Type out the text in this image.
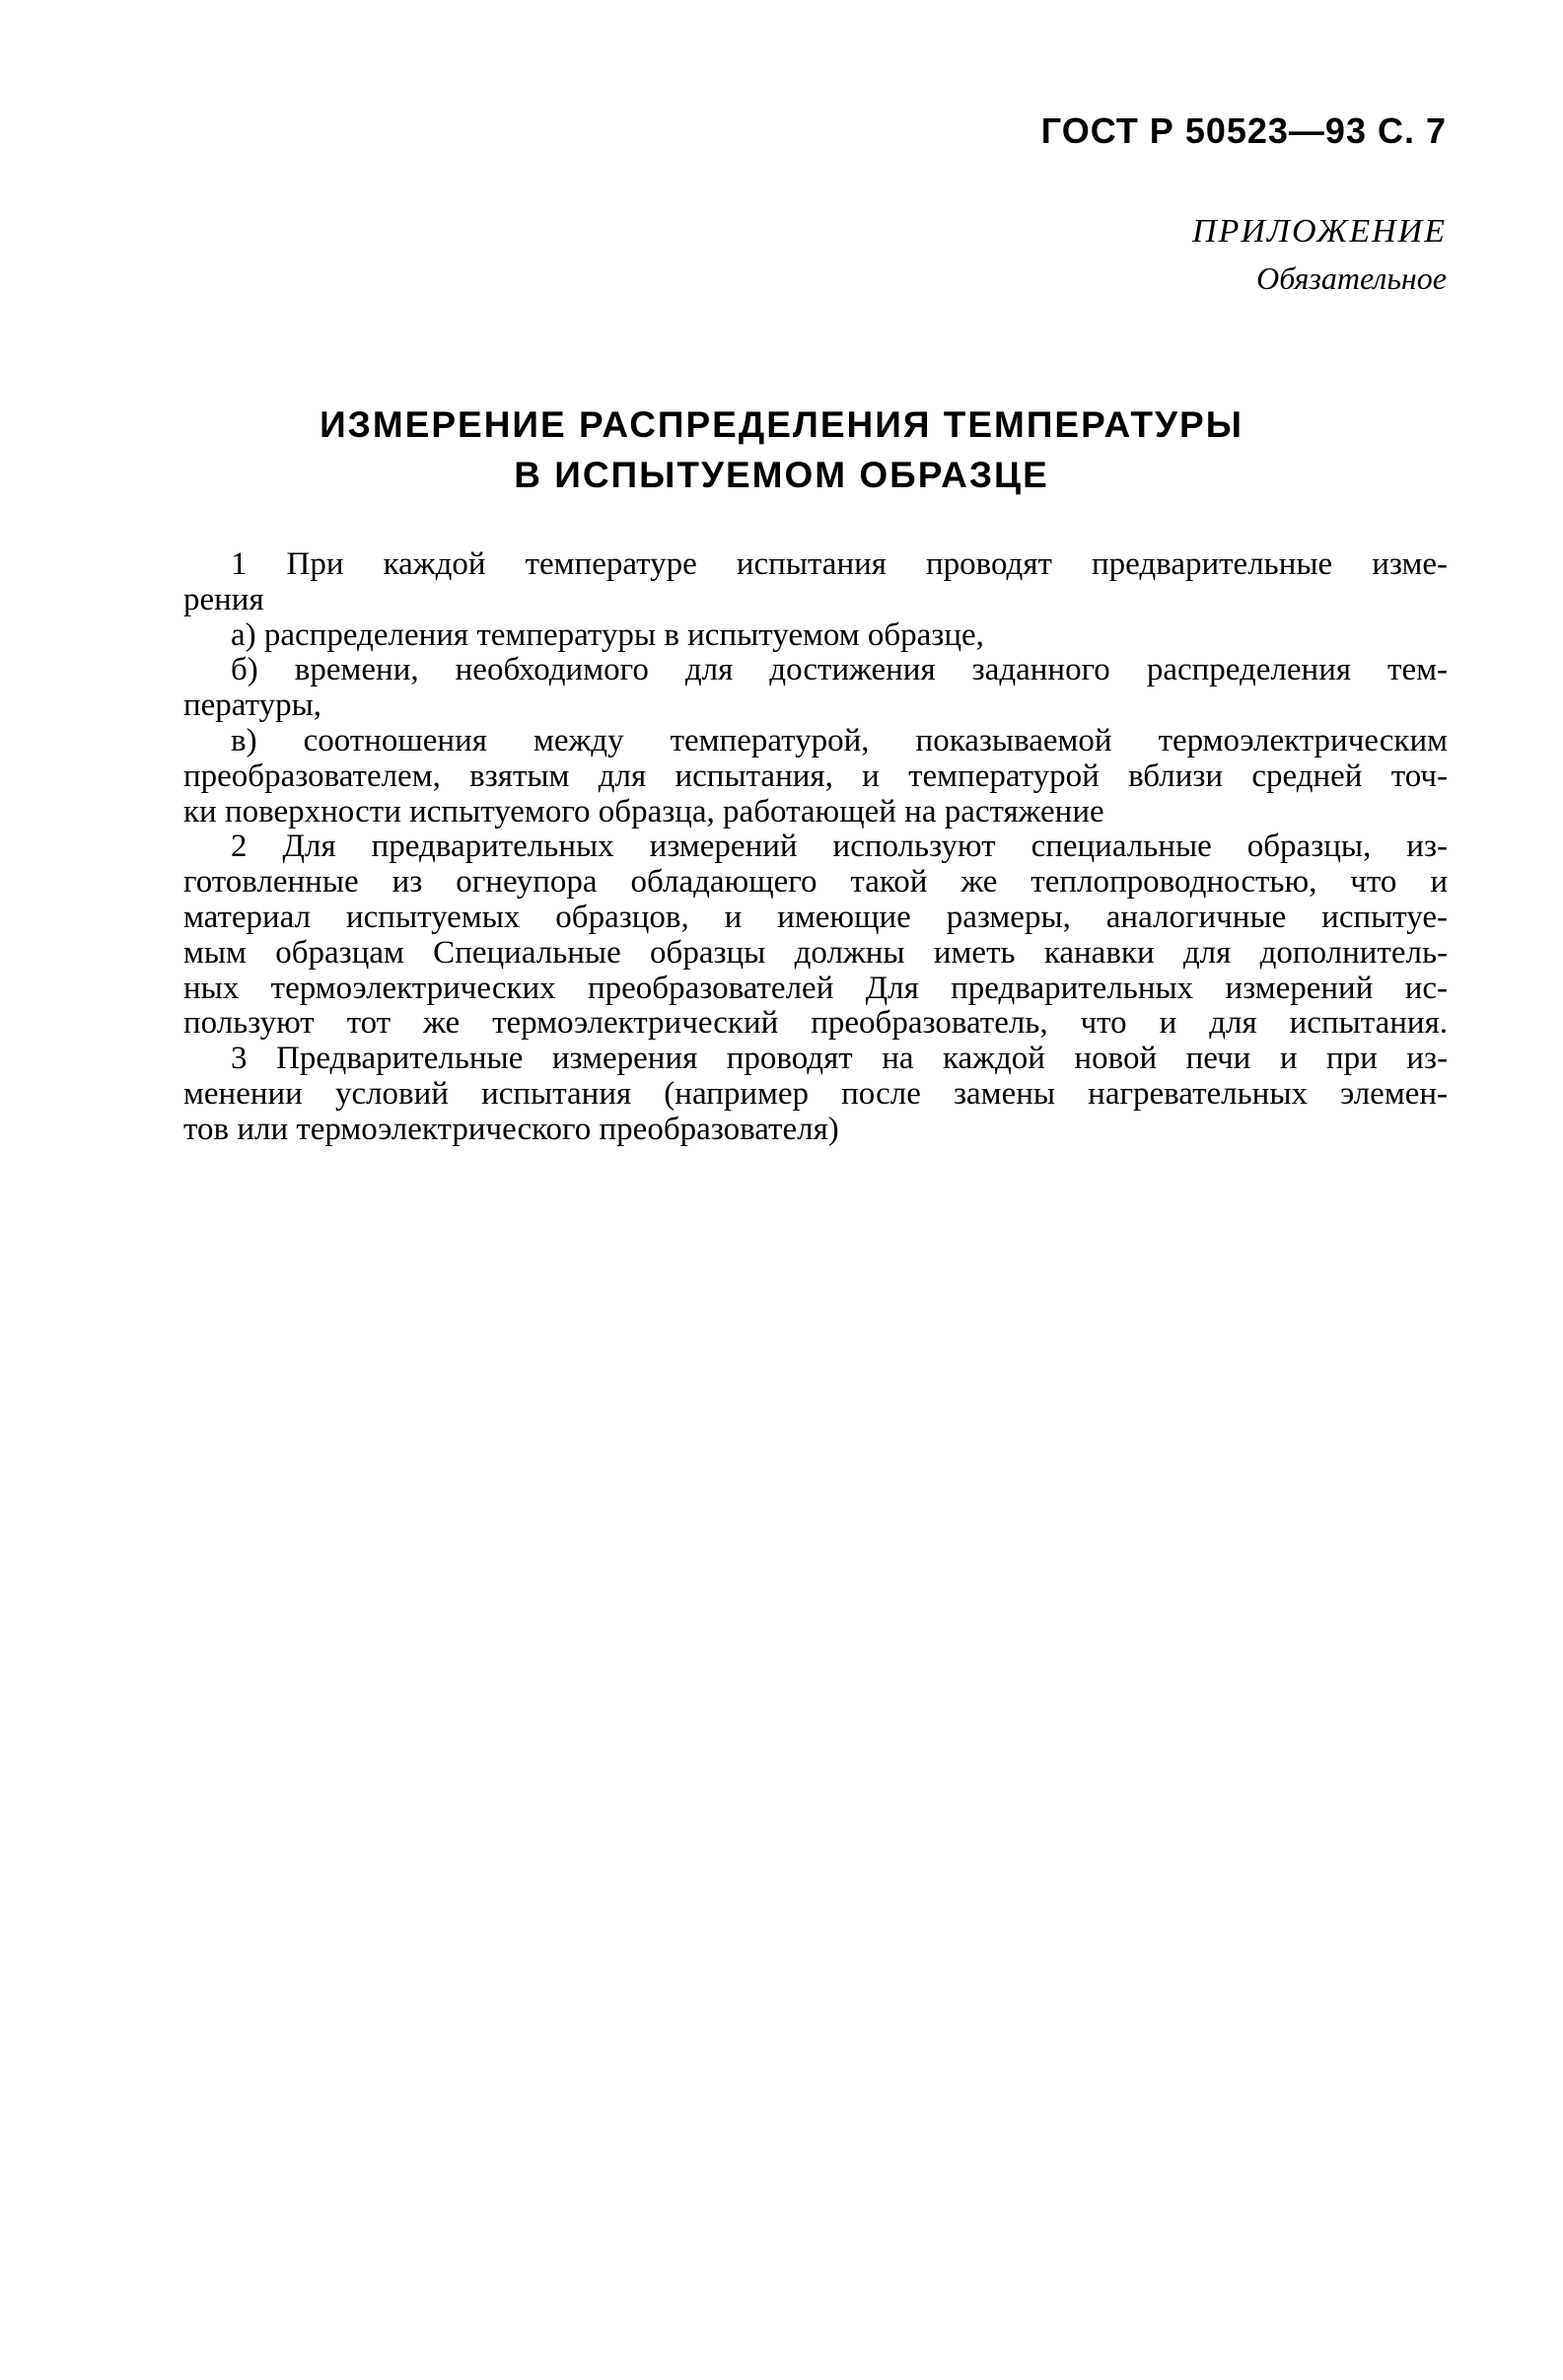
ГОСТ Р 50523—93 С. 7
ПРИЛОЖЕНИЕ
Обязательное
ИЗМЕРЕНИЕ РАСПРЕДЕЛЕНИЯ ТЕМПЕРАТУРЫ
В ИСПЫТУЕМОМ ОБРАЗЦЕ
1 При каждой температуре испытания проводят предварительные изме-
рения
а) распределения температуры в испытуемом образце,
б) времени, необходимого для достижения заданного распределения тем-
пературы,
в) соотношения между температурой, показываемой термоэлектрическим
преобразователем, взятым для испытания, и температурой вблизи средней точ-
ки поверхности испытуемого образца, работающей на растяжение
2 Для предварительных измерений используют специальные образцы, из-
готовленные из огнеупора обладающего такой же теплопроводностью, что и
материал испытуемых образцов, и имеющие размеры, аналогичные испытуе-
мым образцам Специальные образцы должны иметь канавки для дополнитель-
ных термоэлектрических преобразователей Для предварительных измерений ис-
пользуют тот же термоэлектрический преобразователь, что и для испытания.
3 Предварительные измерения проводят на каждой новой печи и при из-
менении условий испытания (например после замены нагревательных элемен-
тов или термоэлектрического преобразователя)
